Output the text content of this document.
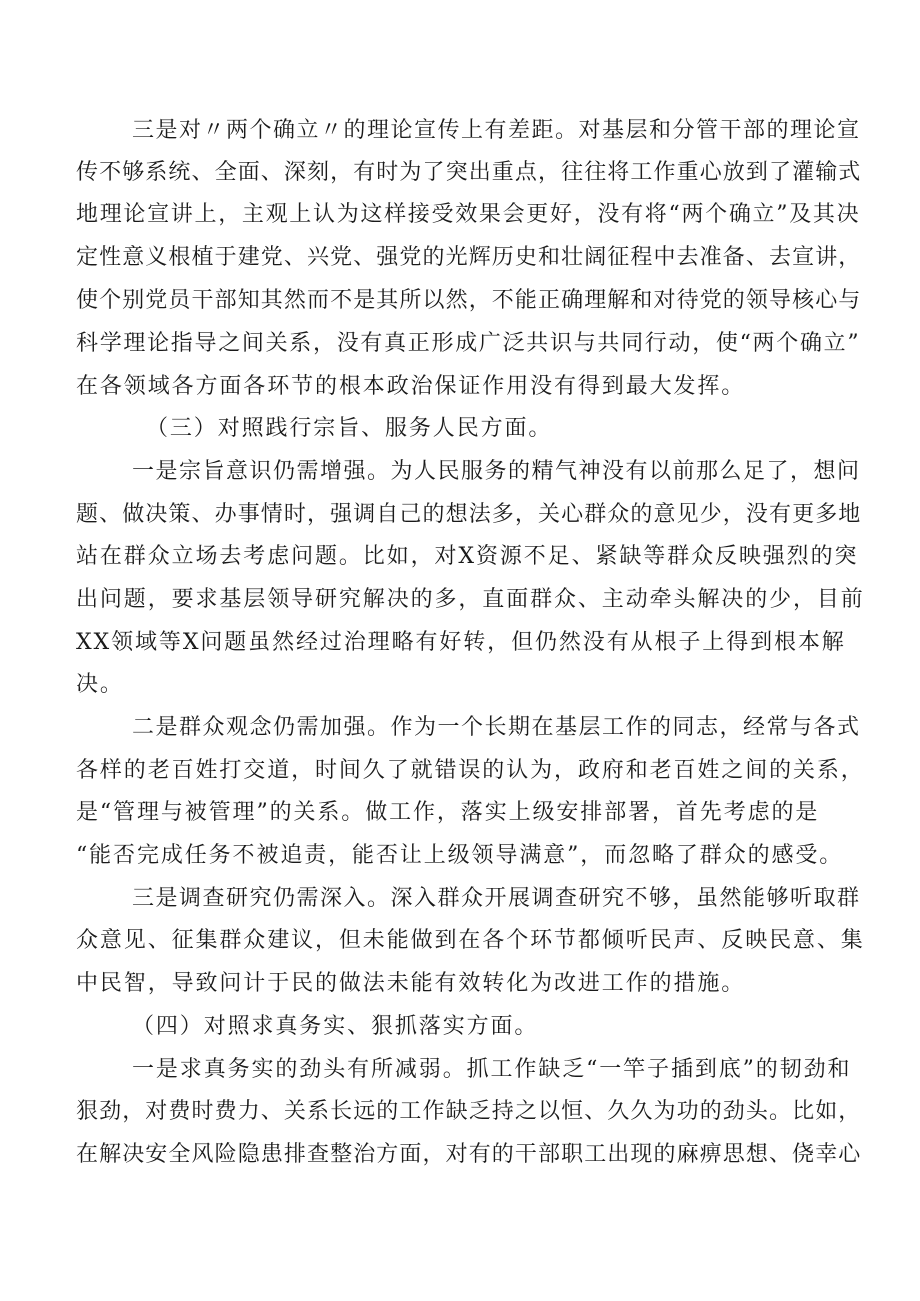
三是对〃两个确立〃的理论宣传上有差距。对基层和分管干部的理论宣
传不够系统、全面、深刻，有时为了突出重点，往往将工作重心放到了灌输式
地理论宣讲上，主观上认为这样接受效果会更好，没有将“两个确立”及其决
定性意义根植于建党、兴党、强党的光辉历史和壮阔征程中去准备、去宣讲，
使个别党员干部知其然而不是其所以然，不能正确理解和对待党的领导核心与
科学理论指导之间关系，没有真正形成广泛共识与共同行动，使“两个确立”
在各领域各方面各环节的根本政治保证作用没有得到最大发挥。
（三）对照践行宗旨、服务人民方面。
一是宗旨意识仍需增强。为人民服务的精气神没有以前那么足了，想问
题、做决策、办事情时，强调自己的想法多，关心群众的意见少，没有更多地
站在群众立场去考虑问题。比如，对X资源不足、紧缺等群众反映强烈的突
出问题，要求基层领导研究解决的多，直面群众、主动牵头解决的少，目前
XX领域等X问题虽然经过治理略有好转，但仍然没有从根子上得到根本解
决。
二是群众观念仍需加强。作为一个长期在基层工作的同志，经常与各式
各样的老百姓打交道，时间久了就错误的认为，政府和老百姓之间的关系，
是“管理与被管理”的关系。做工作，落实上级安排部署，首先考虑的是
“能否完成任务不被追责，能否让上级领导满意”，而忽略了群众的感受。
三是调查研究仍需深入。深入群众开展调查研究不够，虽然能够听取群
众意见、征集群众建议，但未能做到在各个环节都倾听民声、反映民意、集
中民智，导致问计于民的做法未能有效转化为改进工作的措施。
（四）对照求真务实、狠抓落实方面。
一是求真务实的劲头有所减弱。抓工作缺乏“一竿子插到底”的韧劲和
狠劲，对费时费力、关系长远的工作缺乏持之以恒、久久为功的劲头。比如，
在解决安全风险隐患排查整治方面，对有的干部职工出现的麻痹思想、侥幸心
